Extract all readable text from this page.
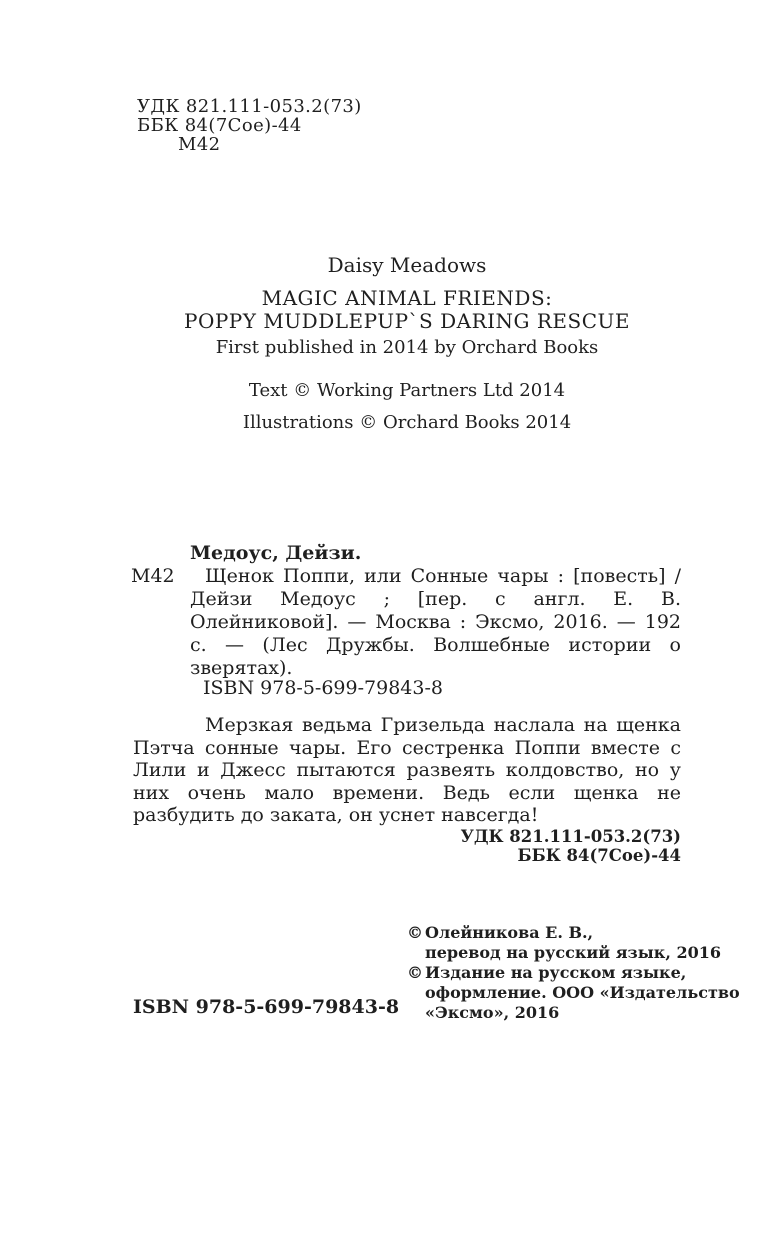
УДК 821.111-053.2(73)
ББК 84(7Сое)-44
М42
Daisy Meadows
MAGIC ANIMAL FRIENDS:
POPPY MUDDLEPUP`S DARING RESCUE
First published in 2014 by Orchard Books
Text © Working Partners Ltd 2014
Illustrations © Orchard Books 2014
Медоус, Дейзи.
М42	Щенок Поппи, или Сонные чары : [повесть] / Дейзи Медоус ; [пер. с англ. Е. В. Олейниковой]. — Москва : Эксмо, 2016. — 192 с. — (Лес Дружбы. Волшебные истории о зверятах).

ISBN 978-5-699-79843-8

Мерзкая ведьма Гризельда наслала на щенка Пэтча сонные чары. Его сестренка Поппи вместе с Лили и Джесс пытаются развеять колдовство, но у них очень мало времени. Ведь если щенка не разбудить до заката, он уснет навсегда!

УДК 821.111-053.2(73)
ББК 84(7Сое)-44
ISBN 978-5-699-79843-8
© Олейникова Е. В.,
перевод на русский язык, 2016
© Издание на русском языке,
оформление. ООО «Издательство
«Эксмо», 2016
